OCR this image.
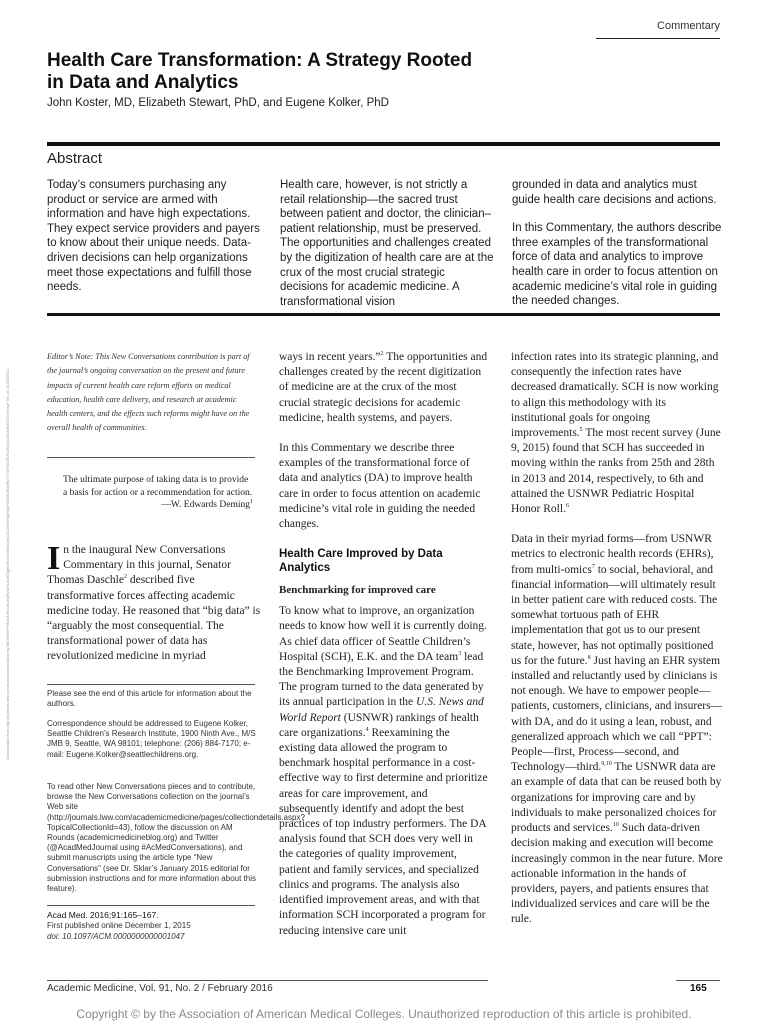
Commentary
Health Care Transformation: A Strategy Rooted in Data and Analytics
John Koster, MD, Elizabeth Stewart, PhD, and Eugene Kolker, PhD
Abstract

Today’s consumers purchasing any product or service are armed with information and have high expectations. They expect service providers and payers to know about their unique needs. Data-driven decisions can help organizations meet those expectations and fulfill those needs.

Health care, however, is not strictly a retail relationship—the sacred trust between patient and doctor, the clinician–patient relationship, must be preserved. The opportunities and challenges created by the digitization of health care are at the crux of the most crucial strategic decisions for academic medicine. A transformational vision

grounded in data and analytics must guide health care decisions and actions.

In this Commentary, the authors describe three examples of the transformational force of data and analytics to improve health care in order to focus attention on academic medicine’s vital role in guiding the needed changes.

Downloaded from http://journals.lww.com/academicmedicine by BhDMf5ePHKav1zEoum1tQfN4a+kJLhEZgbsIHo4XMi0hCywCX1AWnYQp/IlQrHD3i3D0OdRyi7TvSFl4Cf3VC4/OAVpDDa8KKGKV0Ymy+78= on 11/20/2021
Editor’s Note: This New Conversations contribution is part of the journal’s ongoing conversation on the present and future impacts of current health care reform efforts on medical education, health care delivery, and research at academic health centers, and the effects such reforms might have on the overall health of communities.
The ultimate purpose of taking data is to provide a basis for action or a recommendation for action.
—W. Edwards Deming$^1$
In the inaugural New Conversations Commentary in this journal, Senator Thomas Daschle$^2$ described five transformative forces affecting academic medicine today. He reasoned that “big data” is “arguably the most consequential. The transformational power of data has revolutionized medicine in myriad
Please see the end of this article for information about the authors.
Correspondence should be addressed to Eugene Kolker, Seattle Children’s Research Institute, 1900 Ninth Ave., M/S JMB 9, Seattle, WA 98101; telephone: (206) 884-7170; e-mail: Eugene.Kolker@seattlechildrens.org.
To read other New Conversations pieces and to contribute, browse the New Conversations collection on the journal’s Web site (http://journals.lww.com/academicmedicine/pages/collectiondetails.aspx?TopicalCollectionId=43), follow the discussion on AM Rounds (academicmedicineblog.org) and Twitter (@AcadMedJournal using #AcMedConversations), and submit manuscripts using the article type “New Conversations” (see Dr. Sklar’s January 2015 editorial for submission instructions and for more information about this feature).
Acad Med. 2016;91:165–167.
First published online December 1, 2015
doi: 10.1097/ACM.0000000000001047

ways in recent years.”$^2$ The opportunities and challenges created by the recent digitization of medicine are at the crux of the most crucial strategic decisions for academic medicine, health systems, and payers.

In this Commentary we describe three examples of the transformational force of data and analytics (DA) to improve health care in order to focus attention on academic medicine’s vital role in guiding the needed changes.

Health Care Improved by Data Analytics
Benchmarking for improved care

To know what to improve, an organization needs to know how well it is currently doing. As chief data officer of Seattle Children’s Hospital (SCH), E.K. and the DA team$^3$ lead the Benchmarking Improvement Program. The program turned to the data generated by its annual participation in the U.S. News and World Report (USNWR) rankings of health care organizations.$^4$ Reexamining the existing data allowed the program to benchmark hospital performance in a cost-effective way to first determine and prioritize areas for care improvement, and subsequently identify and adopt the best practices of top industry performers. The DA analysis found that SCH does very well in the categories of quality improvement, patient and family services, and specialized clinics and programs. The analysis also identified improvement areas, and with that information SCH incorporated a program for reducing intensive care unit

infection rates into its strategic planning, and consequently the infection rates have decreased dramatically. SCH is now working to align this methodology with its institutional goals for ongoing improvements.$^5$ The most recent survey (June 9, 2015) found that SCH has succeeded in moving within the ranks from 25th and 28th in 2013 and 2014, respectively, to 6th and attained the USNWR Pediatric Hospital Honor Roll.$^6$

Data in their myriad forms—from USNWR metrics to electronic health records (EHRs), from multi-omics$^7$ to social, behavioral, and financial information—will ultimately result in better patient care with reduced costs. The somewhat tortuous path of EHR implementation that got us to our present state, however, has not optimally positioned us for the future.$^8$ Just having an EHR system installed and reluctantly used by clinicians is not enough. We have to empower people—patients, customers, clinicians, and insurers—with DA, and do it using a lean, robust, and generalized approach which we call “PPT”: People—first, Process—second, and Technology—third.$^{9,10}$ The USNWR data are an example of data that can be reused both by organizations for improving care and by individuals to make personalized choices for products and services.$^{10}$ Such data-driven decision making and execution will become increasingly common in the near future. More actionable information in the hands of providers, payers, and patients ensures that individualized services and care will be the rule.

Academic Medicine, Vol. 91, No. 2 / February 2016	165
Copyright © by the Association of American Medical Colleges. Unauthorized reproduction of this article is prohibited.
